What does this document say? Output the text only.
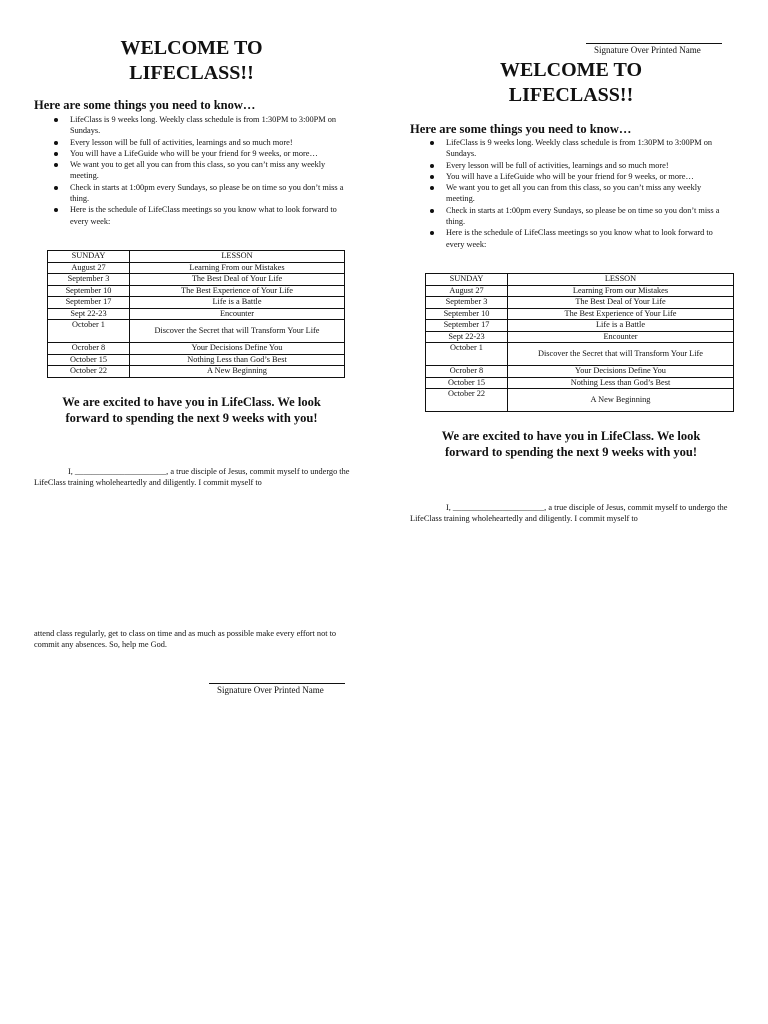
WELCOME TO
LIFECLASS!!
Here are some things you need to know…
LifeClass is 9 weeks long. Weekly class schedule is from 1:30PM to 3:00PM on Sundays.
Every lesson will be full of activities, learnings and so much more!
You will have a LifeGuide who will be your friend for 9 weeks, or more…
We want you to get all you can from this class, so you can’t miss any weekly meeting.
Check in starts at 1:00pm every Sundays, so please be on time so you don’t miss a thing.
Here is the schedule of LifeClass meetings so you know what to look forward to every week:
SUNDAY	LESSON
August 27	Learning From our Mistakes
September 3	The Best Deal of Your Life
September 10	The Best Experience of Your Life
September 17	Life is a Battle
Sept 22-23	Encounter
October 1	Discover the Secret that will Transform Your Life
Ocrober 8	Your Decisions Define You
October 15	Nothing Less than God’s Best
October 22	A New Beginning
We are excited to have you in LifeClass. We look
forward to spending the next 9 weeks with you!
I, ______________________, a true disciple of Jesus, commit myself to undergo the LifeClass training wholeheartedly and diligently. I commit myself to
attend class regularly, get to class on time and as much as possible make every effort not to commit any absences. So, help me God.
Signature Over Printed Name
Signature Over Printed Name
WELCOME TO
LIFECLASS!!
Here are some things you need to know…
LifeClass is 9 weeks long. Weekly class schedule is from 1:30PM to 3:00PM on Sundays.
Every lesson will be full of activities, learnings and so much more!
You will have a LifeGuide who will be your friend for 9 weeks, or more…
We want you to get all you can from this class, so you can’t miss any weekly meeting.
Check in starts at 1:00pm every Sundays, so please be on time so you don’t miss a thing.
Here is the schedule of LifeClass meetings so you know what to look forward to every week:
SUNDAY	LESSON
August 27	Learning From our Mistakes
September 3	The Best Deal of Your Life
September 10	The Best Experience of Your Life
September 17	Life is a Battle
Sept 22-23	Encounter
October 1	Discover the Secret that will Transform Your Life
Ocrober 8	Your Decisions Define You
October 15	Nothing Less than God’s Best
October 22	A New Beginning
We are excited to have you in LifeClass. We look
forward to spending the next 9 weeks with you!
I, ______________________, a true disciple of Jesus, commit myself to undergo the LifeClass training wholeheartedly and diligently. I commit myself to
